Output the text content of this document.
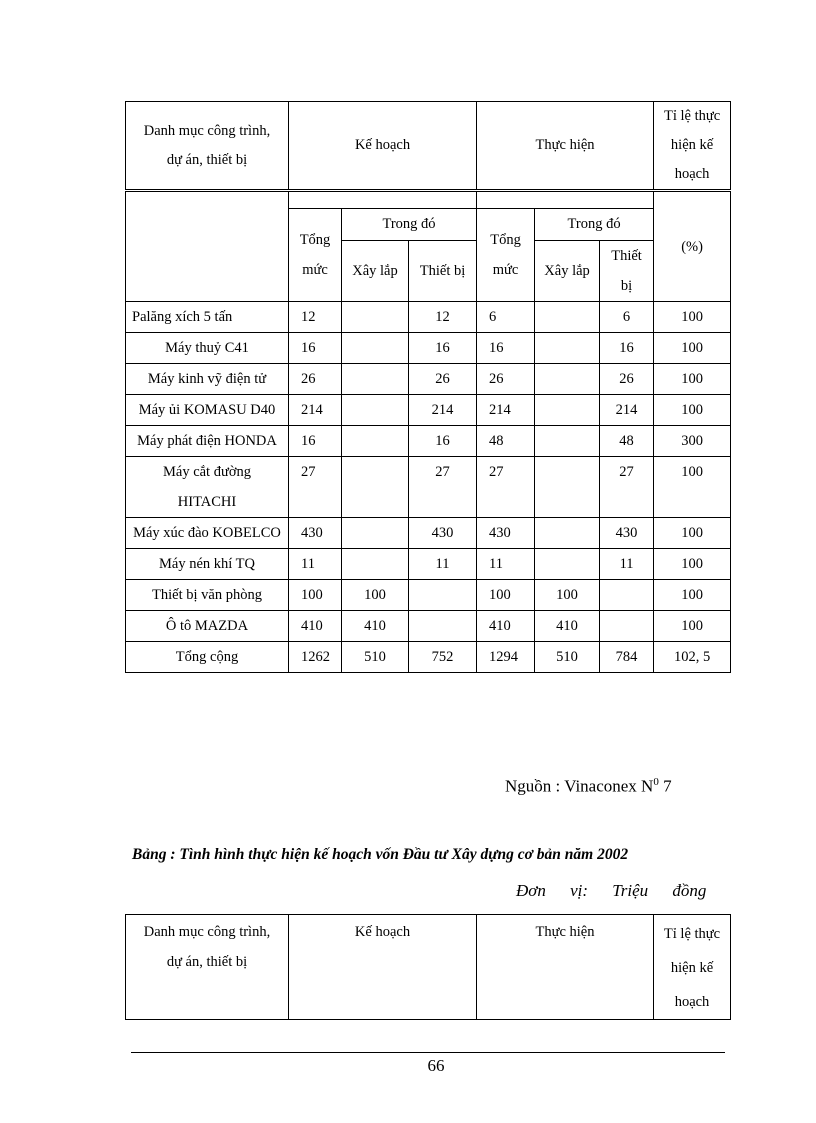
Danh mục công trình, dự án, thiết bị	Kế hoạch			Thực hiện			Tỉ lệ thực hiện kế hoạch
							(%)
	Tổng mức	Trong đó		Tổng mức	Trong đó		
		Xây lắp	Thiết bị		Xây lắp	Thiết bị	
Palăng xích 5 tấn	12		12	6		6	100
Máy thuỷ C41	16		16	16		16	100
Máy kinh vỹ điện tử	26		26	26		26	100
Máy ủi KOMASU D40	214		214	214		214	100
Máy phát điện HONDA	16		16	48		48	300
Máy cắt đường HITACHI	27		27	27		27	100
Máy xúc đào KOBELCO	430		430	430		430	100
Máy nén khí TQ	11		11	11		11	100
Thiết bị văn phòng	100	100		100	100		100
Ô tô MAZDA	410	410		410	410		100
Tổng cộng	1262	510	752	1294	510	784	102, 5
Nguồn : Vinaconex $N^0$ 7
Bảng : Tình hình thực hiện kế hoạch vốn Đầu tư Xây dựng cơ bản năm 2002
Đơn vị: Triệu đồng
Danh mục công trình, dự án, thiết bị	Kế hoạch	Thực hiện	Tỉ lệ thực hiện kế hoạch
66
